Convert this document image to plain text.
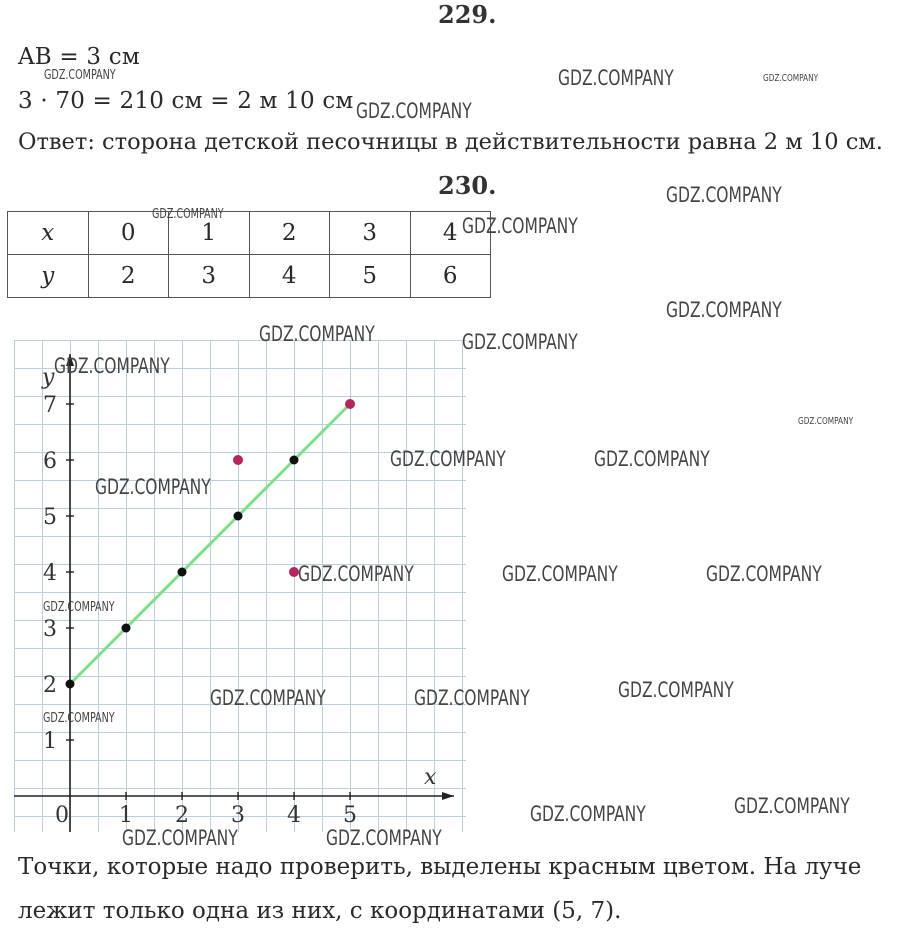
229.
AB = 3 см
3 · 70 = 210 см = 2 м 10 см
Ответ: сторона детской песочницы в действительности равна 2 м 10 см.
230.
x	0	1	2	3	4
y	2	3	4	5	6
0 1 2 3 4 5
1
2
3
4
5
6
7
x
y
Точки, которые надо проверить, выделены красным цветом. На луче
лежит только одна из них, с координатами (5, 7).
GDZ.COMPANY	GDZ.COMPANY	GDZ.COMPANY
GDZ.COMPANY
GDZ.COMPANY
GDZ.COMPANY	GDZ.COMPANY
GDZ.COMPANY
GDZ.COMPANY	GDZ.COMPANY
GDZ.COMPANY
GDZ.COMPANY
GDZ.COMPANY	GDZ.COMPANY
GDZ.COMPANY
GDZ.COMPANY	GDZ.COMPANY	GDZ.COMPANY
GDZ.COMPANY
GDZ.COMPANY
GDZ.COMPANY	GDZ.COMPANY
GDZ.COMPANY
GDZ.COMPANY
GDZ.COMPANY
GDZ.COMPANY	GDZ.COMPANY
